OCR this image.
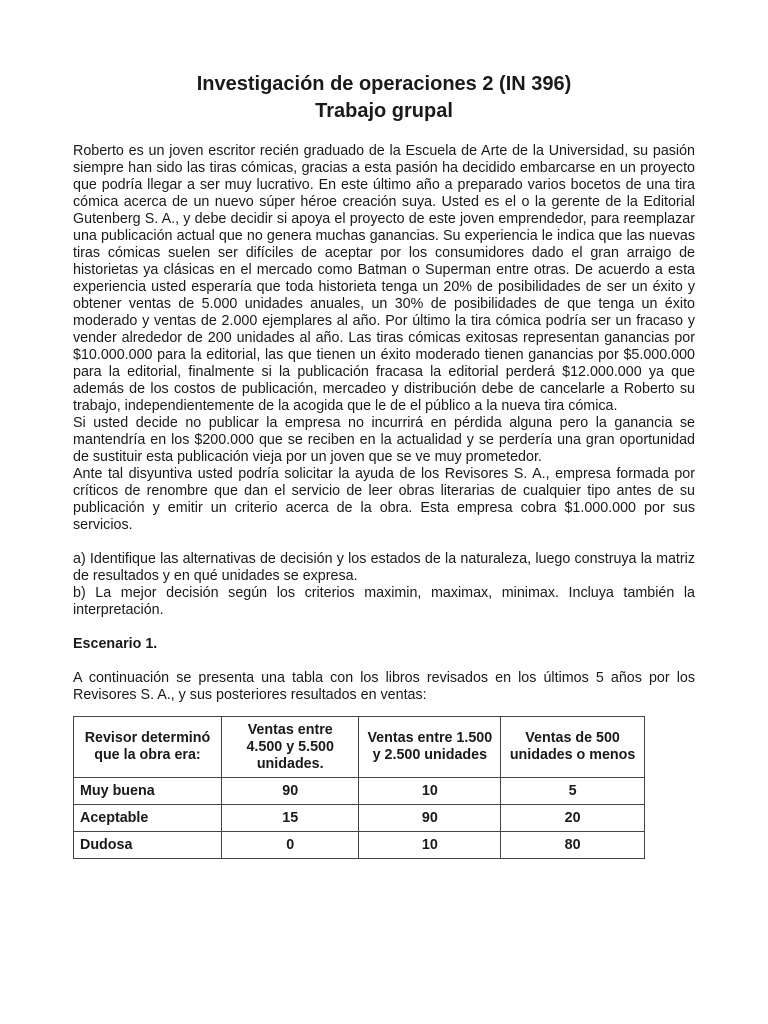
Investigación de operaciones 2 (IN 396)

Trabajo grupal

Roberto es un joven escritor recién graduado de la Escuela de Arte de la Universidad, su pasión siempre han sido las tiras cómicas, gracias a esta pasión ha decidido embarcarse en un proyecto que podría llegar a ser muy lucrativo. En este último año a preparado varios bocetos de una tira cómica acerca de un nuevo súper héroe creación suya. Usted es el o la gerente de la Editorial Gutenberg S. A., y debe decidir si apoya el proyecto de este joven emprendedor, para reemplazar una publicación actual que no genera muchas ganancias. Su experiencia le indica que las nuevas tiras cómicas suelen ser difíciles de aceptar por los consumidores dado el gran arraigo de historietas ya clásicas en el mercado como Batman o Superman entre otras. De acuerdo a esta experiencia usted esperaría que toda historieta tenga un 20% de posibilidades de ser un éxito y obtener ventas de 5.000 unidades anuales, un 30% de posibilidades de que tenga un éxito moderado y ventas de 2.000 ejemplares al año. Por último la tira cómica podría ser un fracaso y vender alrededor de 200 unidades al año. Las tiras cómicas exitosas representan ganancias por $10.000.000 para la editorial, las que tienen un éxito moderado tienen ganancias por $5.000.000 para la editorial, finalmente si la publicación fracasa la editorial perderá $12.000.000 ya que además de los costos de publicación, mercadeo y distribución debe de cancelarle a Roberto su trabajo, independientemente de la acogida que le de el público a la nueva tira cómica.

Si usted decide no publicar la empresa no incurrirá en pérdida alguna pero la ganancia se mantendría en los $200.000 que se reciben en la actualidad y se perdería una gran oportunidad de sustituir esta publicación vieja por un joven que se ve muy prometedor.

Ante tal disyuntiva usted podría solicitar la ayuda de los Revisores S. A., empresa formada por críticos de renombre que dan el servicio de leer obras literarias de cualquier tipo antes de su publicación y emitir un criterio acerca de la obra. Esta empresa cobra $1.000.000 por sus servicios.

a) Identifique las alternativas de decisión y los estados de la naturaleza, luego construya la matriz de resultados y en qué unidades se expresa.

b) La mejor decisión según los criterios maximin, maximax, minimax. Incluya también la interpretación.

Escenario 1.

A continuación se presenta una tabla con los libros revisados en los últimos 5 años por los Revisores S. A., y sus posteriores resultados en ventas:

Revisor determinó que la obra era:	Ventas entre 4.500 y 5.500 unidades.	Ventas entre 1.500 y 2.500 unidades	Ventas de 500 unidades o menos
Muy buena	90	10	5
Aceptable	15	90	20
Dudosa	0	10	80
